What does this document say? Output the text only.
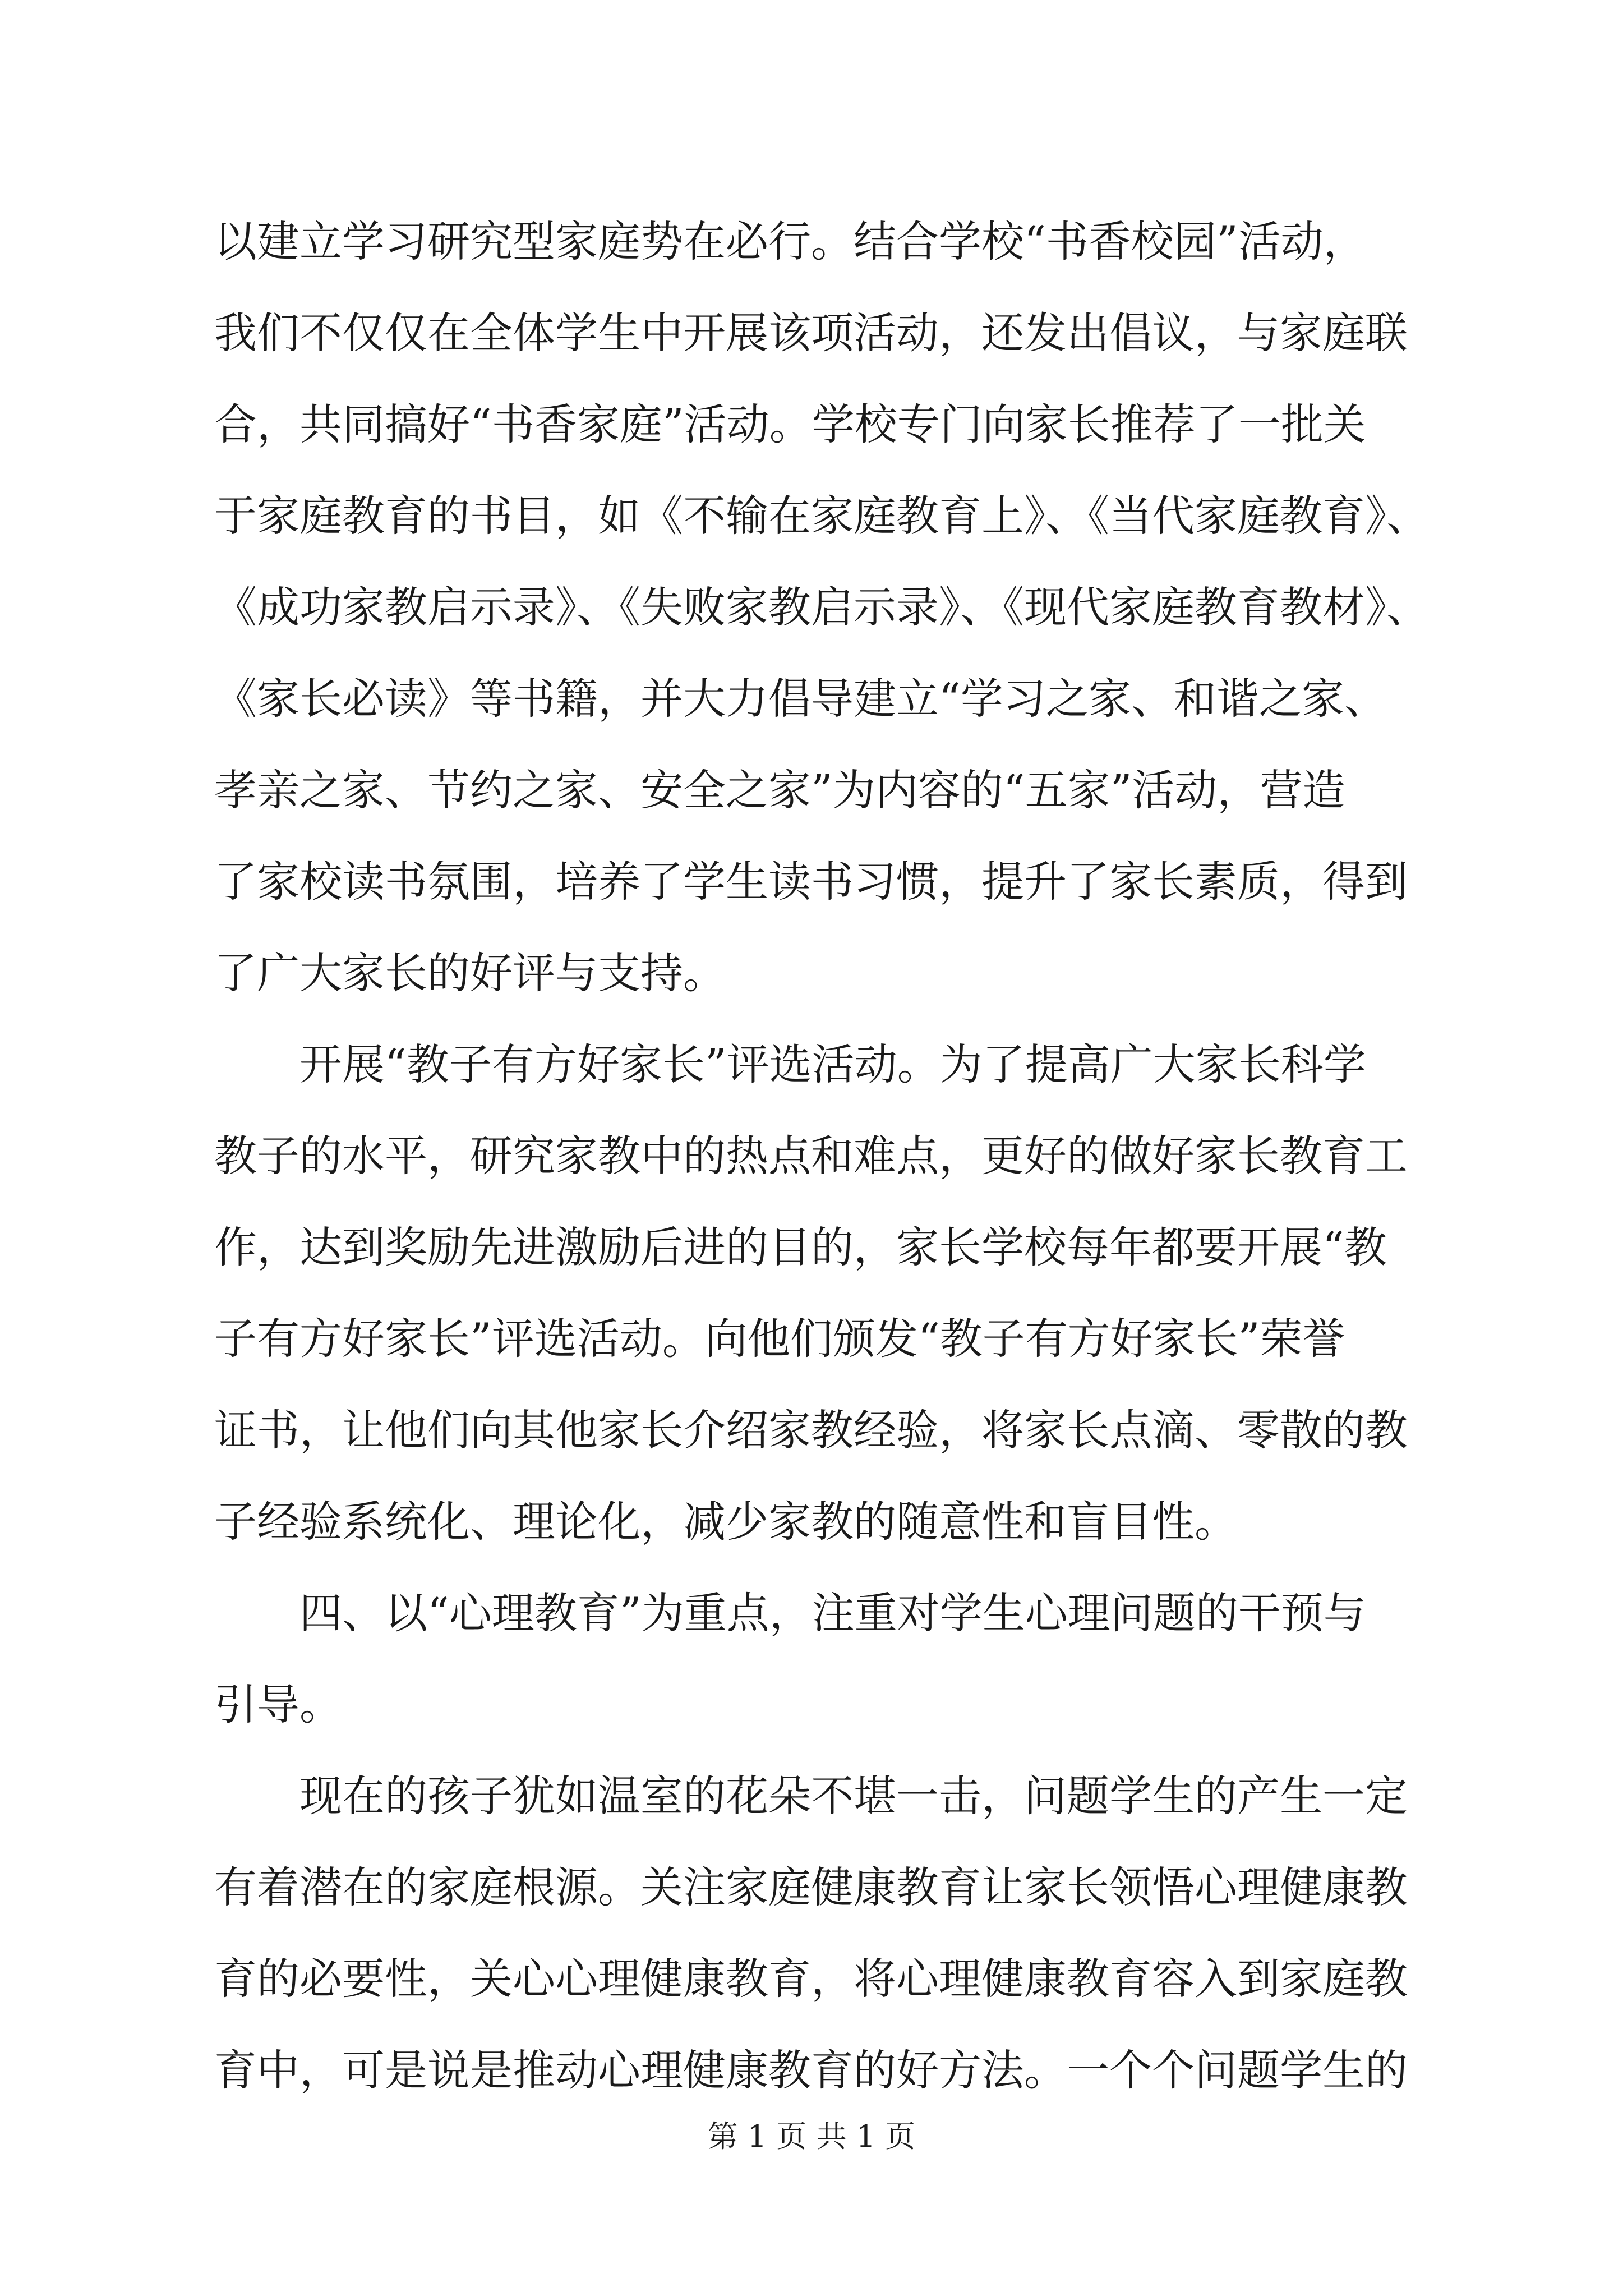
以建立学习研究型家庭势在必行。结合学校“书香校园”活动，
我们不仅仅在全体学生中开展该项活动，还发出倡议，与家庭联
合，共同搞好“书香家庭”活动。学校专门向家长推荐了一批关
于家庭教育的书目，如《不输在家庭教育上》、《当代家庭教育》、
《成功家教启示录》、《失败家教启示录》、《现代家庭教育教材》、
《家长必读》等书籍，并大力倡导建立“学习之家、和谐之家、
孝亲之家、节约之家、安全之家”为内容的“五家”活动，营造
了家校读书氛围，培养了学生读书习惯，提升了家长素质，得到
了广大家长的好评与支持。
　　开展“教子有方好家长”评选活动。为了提高广大家长科学
教子的水平，研究家教中的热点和难点，更好的做好家长教育工
作，达到奖励先进激励后进的目的，家长学校每年都要开展“教
子有方好家长”评选活动。向他们颁发“教子有方好家长”荣誉
证书，让他们向其他家长介绍家教经验，将家长点滴、零散的教
子经验系统化、理论化，减少家教的随意性和盲目性。
　　四、以“心理教育”为重点，注重对学生心理问题的干预与
引导。
　　现在的孩子犹如温室的花朵不堪一击，问题学生的产生一定
有着潜在的家庭根源。关注家庭健康教育让家长领悟心理健康教
育的必要性，关心心理健康教育，将心理健康教育容入到家庭教
育中，可是说是推动心理健康教育的好方法。一个个问题学生的
第 1 页 共 1 页
